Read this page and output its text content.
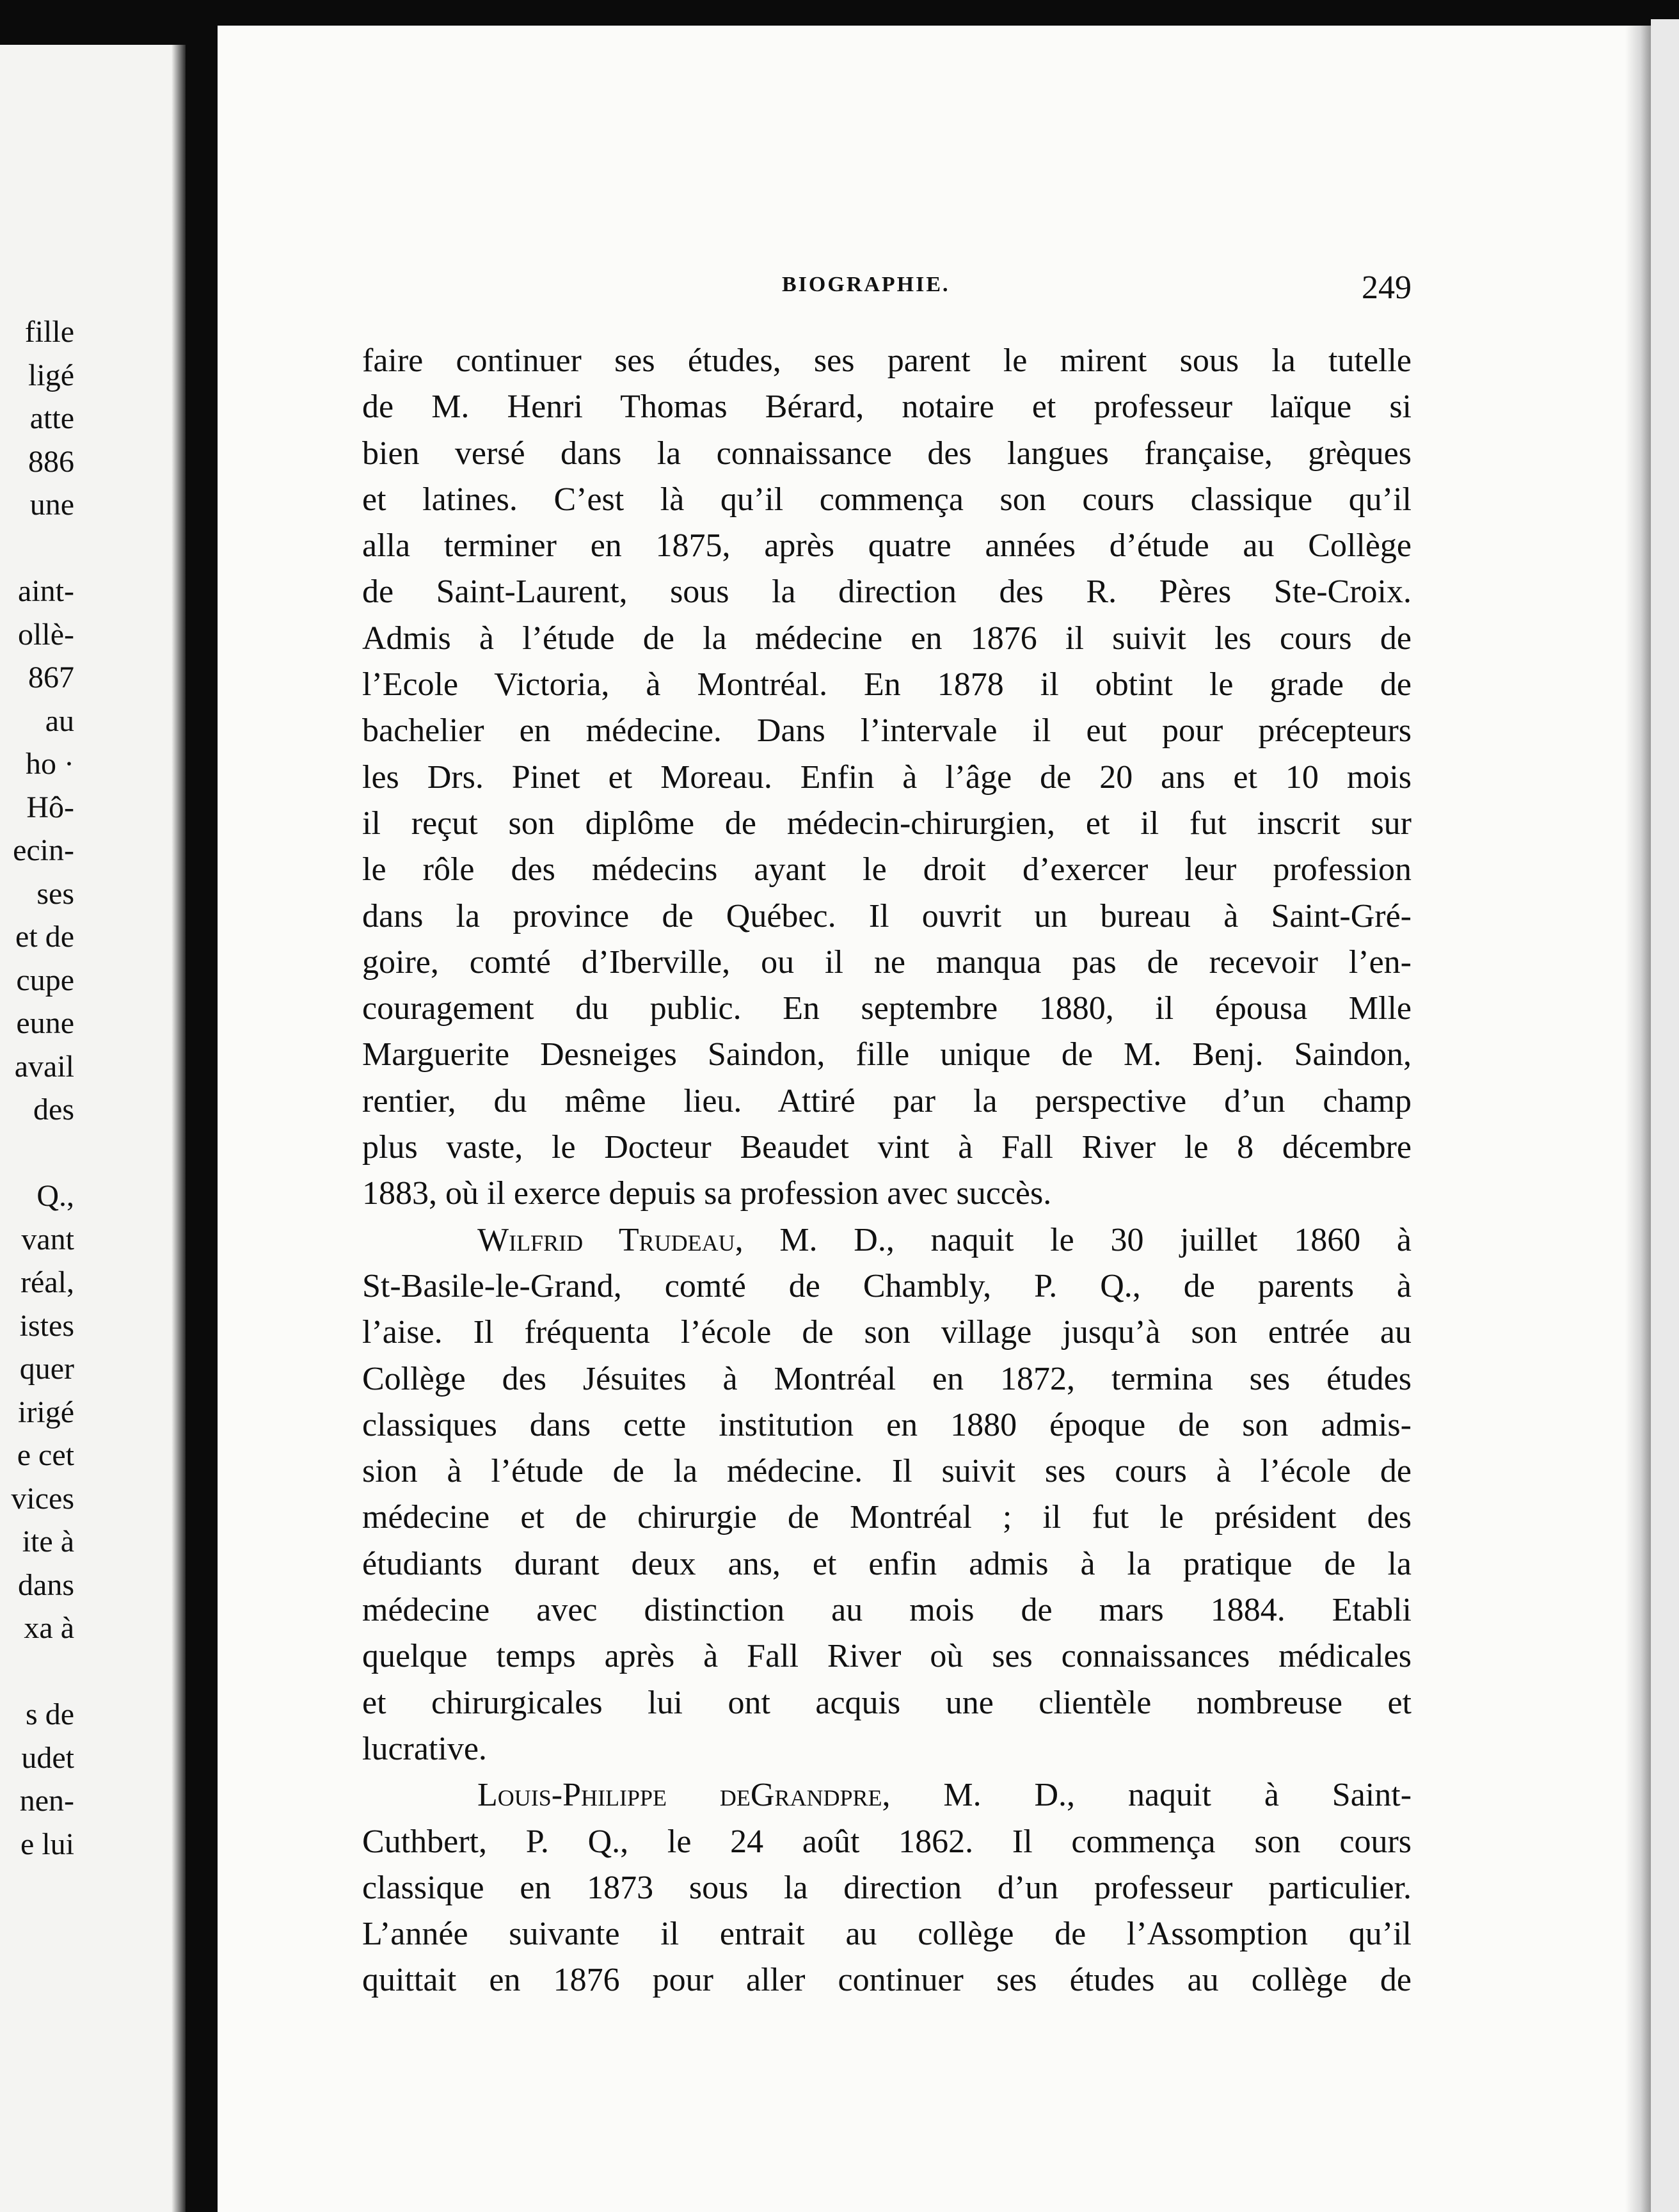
fille
ligé
atte
886
une
aint-
ollè-
867
au
ho ·
Hô-
ecin-
ses
et de
cupe
eune
avail
des
Q.,
vant
réal,
istes
quer
irigé
e cet
vices
ite à
dans
xa à
s de
udet
nen-
e lui
BIOGRAPHIE.	249
faire continuer ses études, ses parent le mirent sous la tutelle
de M. Henri Thomas Bérard, notaire et professeur laïque si
bien versé dans la connaissance des langues française, grèques
et latines. C’est là qu’il commença son cours classique qu’il
alla terminer en 1875, après quatre années d’étude au Collège
de Saint-Laurent, sous la direction des R. Pères Ste-Croix.
Admis à l’étude de la médecine en 1876 il suivit les cours de
l’Ecole Victoria, à Montréal. En 1878 il obtint le grade de
bachelier en médecine. Dans l’intervale il eut pour précepteurs
les Drs. Pinet et Moreau. Enfin à l’âge de 20 ans et 10 mois
il reçut son diplôme de médecin-chirurgien, et il fut inscrit sur
le rôle des médecins ayant le droit d’exercer leur profession
dans la province de Québec. Il ouvrit un bureau à Saint-Gré-
goire, comté d’Iberville, ou il ne manqua pas de recevoir l’en-
couragement du public. En septembre 1880, il épousa Mlle
Marguerite Desneiges Saindon, fille unique de M. Benj. Saindon,
rentier, du même lieu. Attiré par la perspective d’un champ
plus vaste, le Docteur Beaudet vint à Fall River le 8 décembre
1883, où il exerce depuis sa profession avec succès.
Wilfrid Trudeau, M. D., naquit le 30 juillet 1860 à
St-Basile-le-Grand, comté de Chambly, P. Q., de parents à
l’aise. Il fréquenta l’école de son village jusqu’à son entrée au
Collège des Jésuites à Montréal en 1872, termina ses études
classiques dans cette institution en 1880 époque de son admis-
sion à l’étude de la médecine. Il suivit ses cours à l’école de
médecine et de chirurgie de Montréal ; il fut le président des
étudiants durant deux ans, et enfin admis à la pratique de la
médecine avec distinction au mois de mars 1884. Etabli
quelque temps après à Fall River où ses connaissances médicales
et chirurgicales lui ont acquis une clientèle nombreuse et
lucrative.
Louis-Philippe deGrandpre, M. D., naquit à Saint-
Cuthbert, P. Q., le 24 août 1862. Il commença son cours
classique en 1873 sous la direction d’un professeur particulier.
L’année suivante il entrait au collège de l’Assomption qu’il
quittait en 1876 pour aller continuer ses études au collège de
